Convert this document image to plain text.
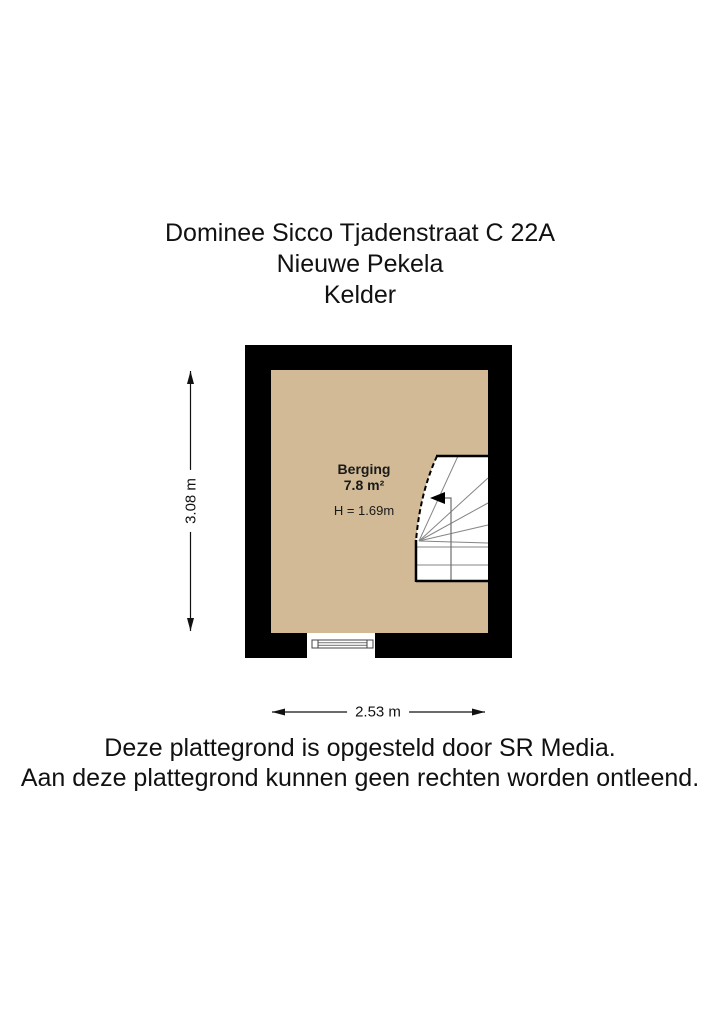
Dominee Sicco Tjadenstraat C 22A
Nieuwe Pekela
Kelder
Berging
7.8 m²
H = 1.69m
3.08 m
2.53 m
Deze plattegrond is opgesteld door SR Media.
Aan deze plattegrond kunnen geen rechten worden ontleend.
